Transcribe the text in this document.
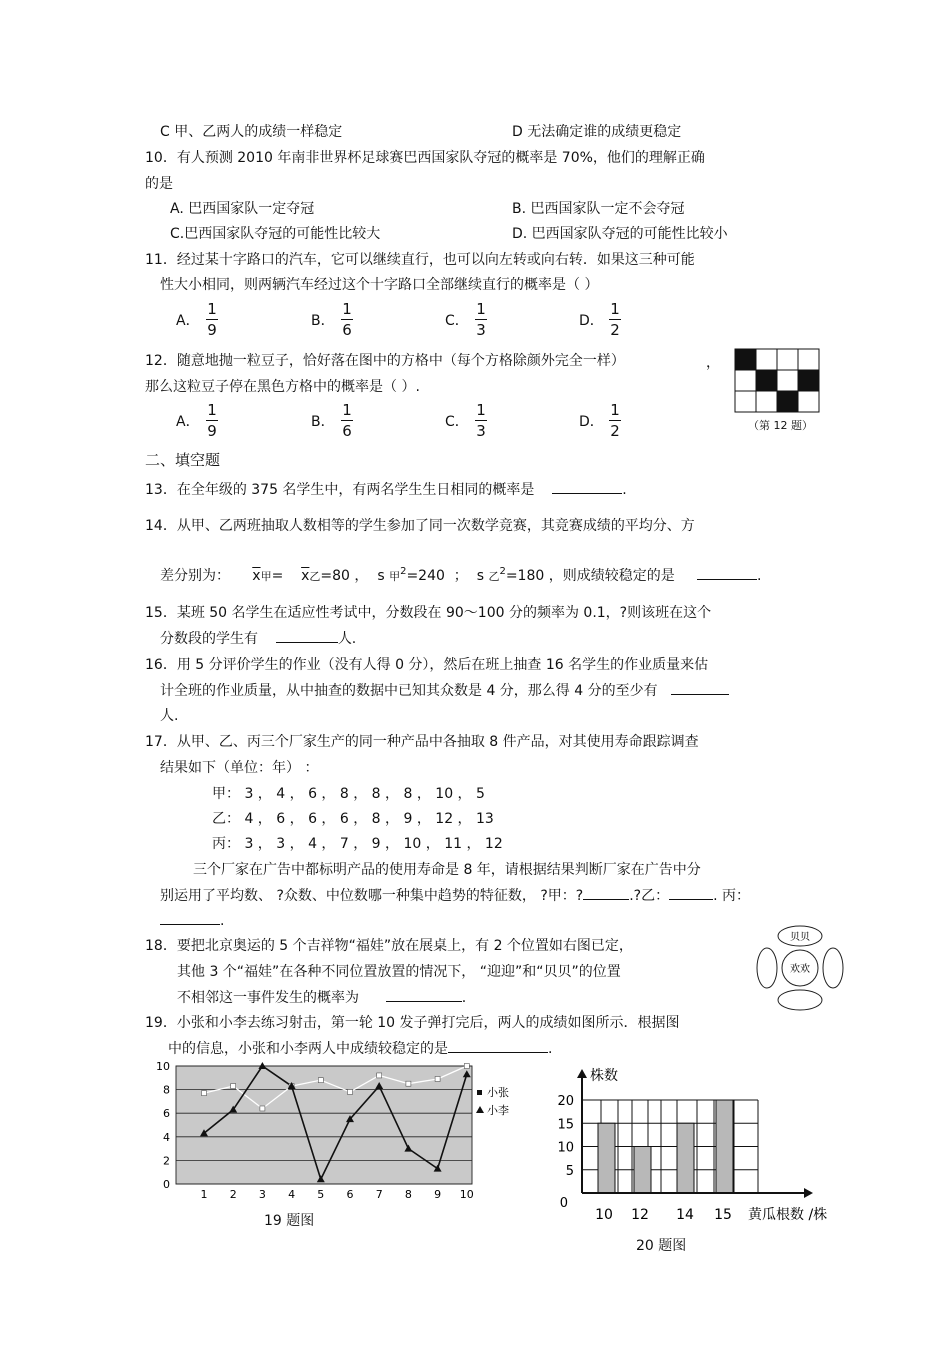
C 甲、乙两人的成绩一样稳定	D 无法确定谁的成绩更稳定
10．有人预测 2010 年南非世界杯足球赛巴西国家队夺冠的概率是 70%，他们的理解正确
的是
A. 巴西国家队一定夺冠	B. 巴西国家队一定不会夺冠
C.巴西国家队夺冠的可能性比较大	D. 巴西国家队夺冠的可能性比较小
11．经过某十字路口的汽车，它可以继续直行，也可以向左转或向右转．如果这三种可能
性大小相同，则两辆汽车经过这个十字路口全部继续直行的概率是（ ）
A．
1
9	B．
1
6	C．
1
3	D．
1
2
12．随意地抛一粒豆子，恰好落在图中的方格中（每个方格除颜外完全一样）	，
那么这粒豆子停在黑色方格中的概率是（ ）.
A．
1
9	B．
1
6	C．
1
3	D．
1
2	（第 12 题）
二、填空题
13．在全年级的 375 名学生中，有两名学生生日相同的概率是	.
14．从甲、乙两班抽取人数相等的学生参加了同一次数学竞赛，其竞赛成绩的平均分、方
差分别为： $\overline{x}$甲= $\overline{x}$乙=80 ，  s 甲$^2$=240 ； s 乙$^2$=180 ，则成绩较稳定的是	.
15．某班 50 名学生在适应性考试中，分数段在 90～100 分的频率为 0.1，?则该班在这个
分数段的学生有	人.
16．用 5 分评价学生的作业（没有人得 0 分），然后在班上抽查 16 名学生的作业质量来估
计全班的作业质量，从中抽查的数据中已知其众数是 4 分，那么得 4 分的至少有
人.
17．从甲、乙、丙三个厂家生产的同一种产品中各抽取 8 件产品，对其使用寿命跟踪调查
结果如下（单位：年） ：
甲： 3 ， 4 ， 6 ， 8 ， 8 ， 8 ， 10 ， 5
乙： 4 ， 6 ， 6 ， 6 ， 8 ， 9 ， 12 ， 13
丙： 3 ， 3 ， 4 ， 7 ， 9 ， 10 ， 11 ， 12
三个厂家在广告中都标明产品的使用寿命是 8 年，请根据结果判断厂家在广告中分
别运用了平均数、 ?众数、中位数哪一种集中趋势的特征数， ?甲：?	.?乙：	. 丙：
.
18．要把北京奥运的 5 个吉祥物“福娃”放在展桌上，有 2 个位置如右图已定，
其他 3 个“福娃”在各种不同位置放置的情况下， “迎迎”和“贝贝”的位置
不相邻这一事件发生的概率为	.
贝贝
欢欢
19．小张和小李去练习射击，第一轮 10 发子弹打完后，两人的成绩如图所示．根据图
中的信息，小张和小李两人中成绩较稳定的是	.
0
2
4
6
8
10
1 2 3 4 5 6 7 8 9 10
小张
小李
19 题图
5
10
15
20
0
株数
10 12 14 15 黄瓜根数 /株
20 题图
